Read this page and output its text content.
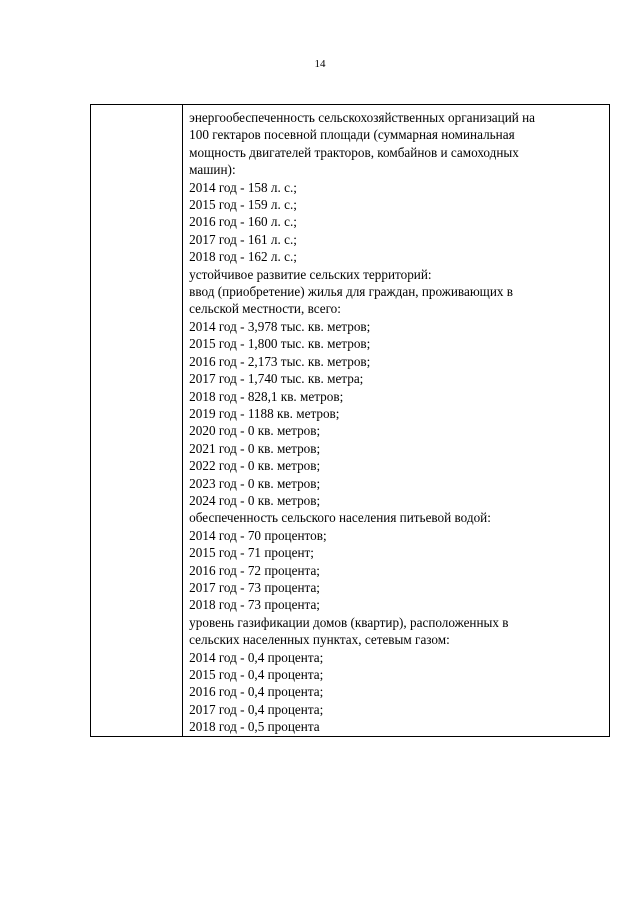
14

энергообеспеченность сельскохозяйственных организаций на
100 гектаров посевной площади (суммарная номинальная
мощность двигателей тракторов, комбайнов и самоходных
машин):
2014 год - 158 л. с.;
2015 год - 159 л. с.;
2016 год - 160 л. с.;
2017 год - 161 л. с.;
2018 год - 162 л. с.;
устойчивое развитие сельских территорий:
ввод (приобретение) жилья для граждан, проживающих в
сельской местности, всего:
2014 год - 3,978 тыс. кв. метров;
2015 год - 1,800 тыс. кв. метров;
2016 год - 2,173 тыс. кв. метров;
2017 год - 1,740 тыс. кв. метра;
2018 год - 828,1 кв. метров;
2019 год - 1188 кв. метров;
2020 год - 0 кв. метров;
2021 год - 0 кв. метров;
2022 год - 0 кв. метров;
2023 год - 0 кв. метров;
2024 год - 0 кв. метров;
обеспеченность сельского населения питьевой водой:
2014 год - 70 процентов;
2015 год - 71 процент;
2016 год - 72 процента;
2017 год - 73 процента;
2018 год - 73 процента;
уровень газификации домов (квартир), расположенных в
сельских населенных пунктах, сетевым газом:
2014 год - 0,4 процента;
2015 год - 0,4 процента;
2016 год - 0,4 процента;
2017 год - 0,4 процента;
2018 год - 0,5 процента
